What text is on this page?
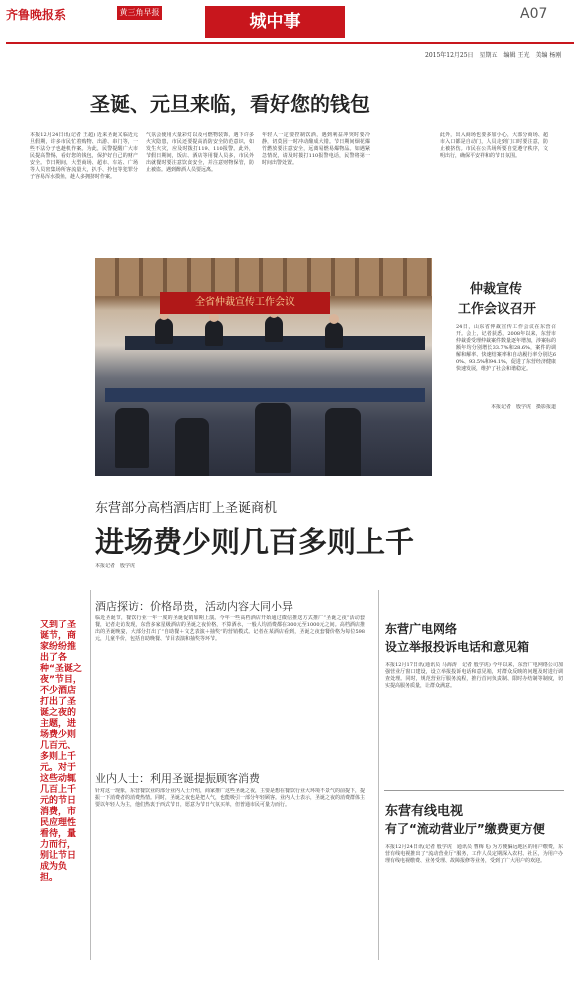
齐鲁晚报系	黄三角早报	城中事	A07
2015年12月25日　星期五　编辑 王光　美编 杨刚
圣诞、元旦来临，看好您的钱包
本报12月24日讯(记者 王超) 近来圣诞又临近元旦假期，许多市民忙着购物、出游、串门等，一些不法分子也趁机作案。为此，民警提醒广大市民提高警惕，看好您的钱包，保护好自己的财产安全。节日期间，大型商场、超市、车站、广场等人员密集场所客流量大，扒手、拎包等犯罪分子容易浑水摸鱼，趁人多拥挤时作案。
气氛会使用大量彩灯以及可燃物装饰，遇下许多火灾隐患，市民还要提高消防安全防范意识，如发生火灾，应及时拨打119、110报警。此外，节假日期间，饭店、酒店等用餐人员多，市民外出就餐时要注意饮食安全，并注意财物保管，防止被盗。遇到醉酒人员要远离。
年轻人一定要控制饮酒，遇到利益冲突时要冷静，切莫因一时冲动酿成大错。节日期间烟花爆竹燃放要注意安全，远离易燃易爆物品。如遇紧急情况，请及时拨打110报警电话，民警将第一时间出警处置。
此外，出入商场也要多加小心，大部分商场、超市入口都是自动门，人员走到门口时要注意，防止被挤伤。市民在公共场所要自觉遵守秩序，文明出行，确保平安祥和的节日氛围。
全省仲裁宣传工作会议
仲裁宣传
工作会议召开
24日，山东省仲裁宣传工作会议在东营召开。会上，记者获悉，2008年以来，东营市仲裁委受理仲裁案件数量逐年增加，涉案标的额年均分别增长33.7%和28.6%，案件的调解和解率、快速结案率和自动履行率分别达60%、93.5%和94.1%，促进了东营经济健康快速发展，维护了社会和谐稳定。
本报记者　殷学虎　摄影报道
东营部分高档酒店盯上圣诞商机
进场费少则几百多则上千
本报记者　殷学虎
酒店探访：价格昂贵，活动内容大同小异
临近圣诞节，餐饮行业一年一度的圣诞促销如期上演。今年一些高档酒店开始通过微信推送方式推广“圣诞之夜”活动套餐，记者走访发现，东营多家星级酒店的圣诞之夜价格，不算酒水，一般人均消费都在300元至1000元之间。高档酒店推出的圣诞晚宴，大部分打出了“自助餐＋文艺表演＋抽奖”的营销模式。记者在某酒店看到，圣诞之夜套餐价格为每位598元，儿童半价，包括自助晚餐、节目表演和抽奖等环节。
业内人士：利用圣诞提振顾客消费
针对这一现象，东营餐饮业的部分业内人士介绍，商家推广这些圣诞之夜，主要是想在餐饮行业大环境不景气的前提下，提振一下消费者的消费热情。同时，圣诞之夜也是把人气，也能吸引一部分年轻顾客。业内人士表示，圣诞之夜的消费群体主要以年轻人为主，他们热衷于西式节日，愿意为节日气氛买单，但普通市民可量力而行。
又到了圣诞节，商家纷纷推出了各种“圣诞之夜”节目，不少酒店打出了圣诞之夜的主题，进场费少则几百元、多则上千元。对于这些动辄几百上千元的节日消费，市民应理性看待，量力而行，别让节日成为负担。
东营广电网络
设立举报投诉电话和意见箱
本报12月17日讯(通讯员 马海涛　记者 殷学虎) 今年以来，东营广电网络公司加强营业厅窗口建设，设立举报投诉电话和意见箱，对群众反映的问题及时进行调查处理。同时，规范营业厅服务流程，推行首问负责制、限时办结制等制度，切实提高服务质量，让群众满意。
东营有线电视
有了“流动营业厅”缴费更方便
本报12月24日讯(记者 殷学虎　通讯员 曹梅飞) 为方便偏远地区的用户缴费，东营有线电视推出了“流动营业厅”服务，工作人员定期深入农村、社区，为用户办理有线电视缴费、业务受理、故障报修等业务，受到了广大用户的欢迎。
